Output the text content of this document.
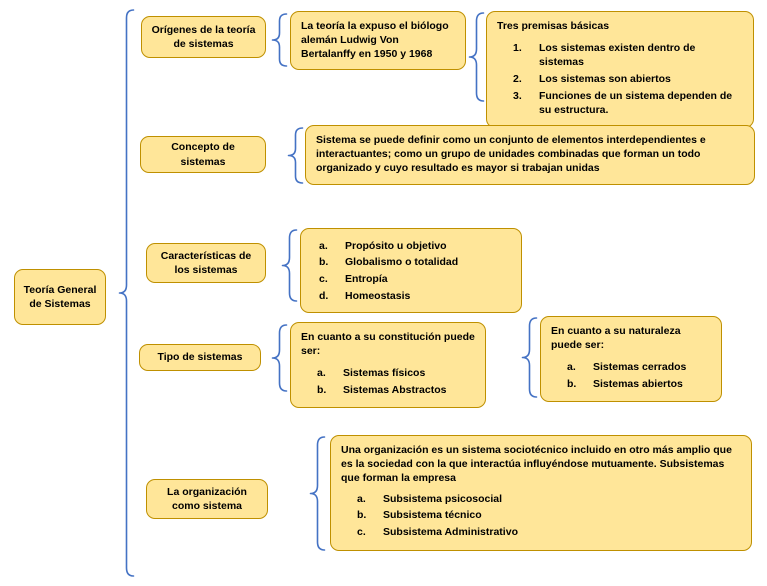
Teoría General de Sistemas
Orígenes de la teoría de sistemas
La teoría la expuso el biólogo alemán Ludwig Von Bertalanffy en 1950 y 1968
Tres premisas básicas
Los sistemas existen dentro de sistemas
Los sistemas son abiertos
Funciones de un sistema dependen de su estructura.
Concepto de sistemas
Sistema se puede definir como un conjunto de elementos interdependientes e interactuantes; como un grupo de unidades combinadas que forman un todo organizado y cuyo resultado es mayor si trabajan unidas
Características de los sistemas
Propósito u objetivo
Globalismo o totalidad
Entropía
Homeostasis
Tipo de sistemas
En cuanto a su constitución puede ser:
Sistemas físicos
Sistemas Abstractos
En cuanto a su naturaleza puede ser:
Sistemas cerrados
Sistemas abiertos
La organización como sistema
Una organización es un sistema sociotécnico incluido en otro más amplio que es la sociedad con la que interactúa influyéndose mutuamente. Subsistemas que forman la empresa
Subsistema psicosocial
Subsistema técnico
Subsistema Administrativo
